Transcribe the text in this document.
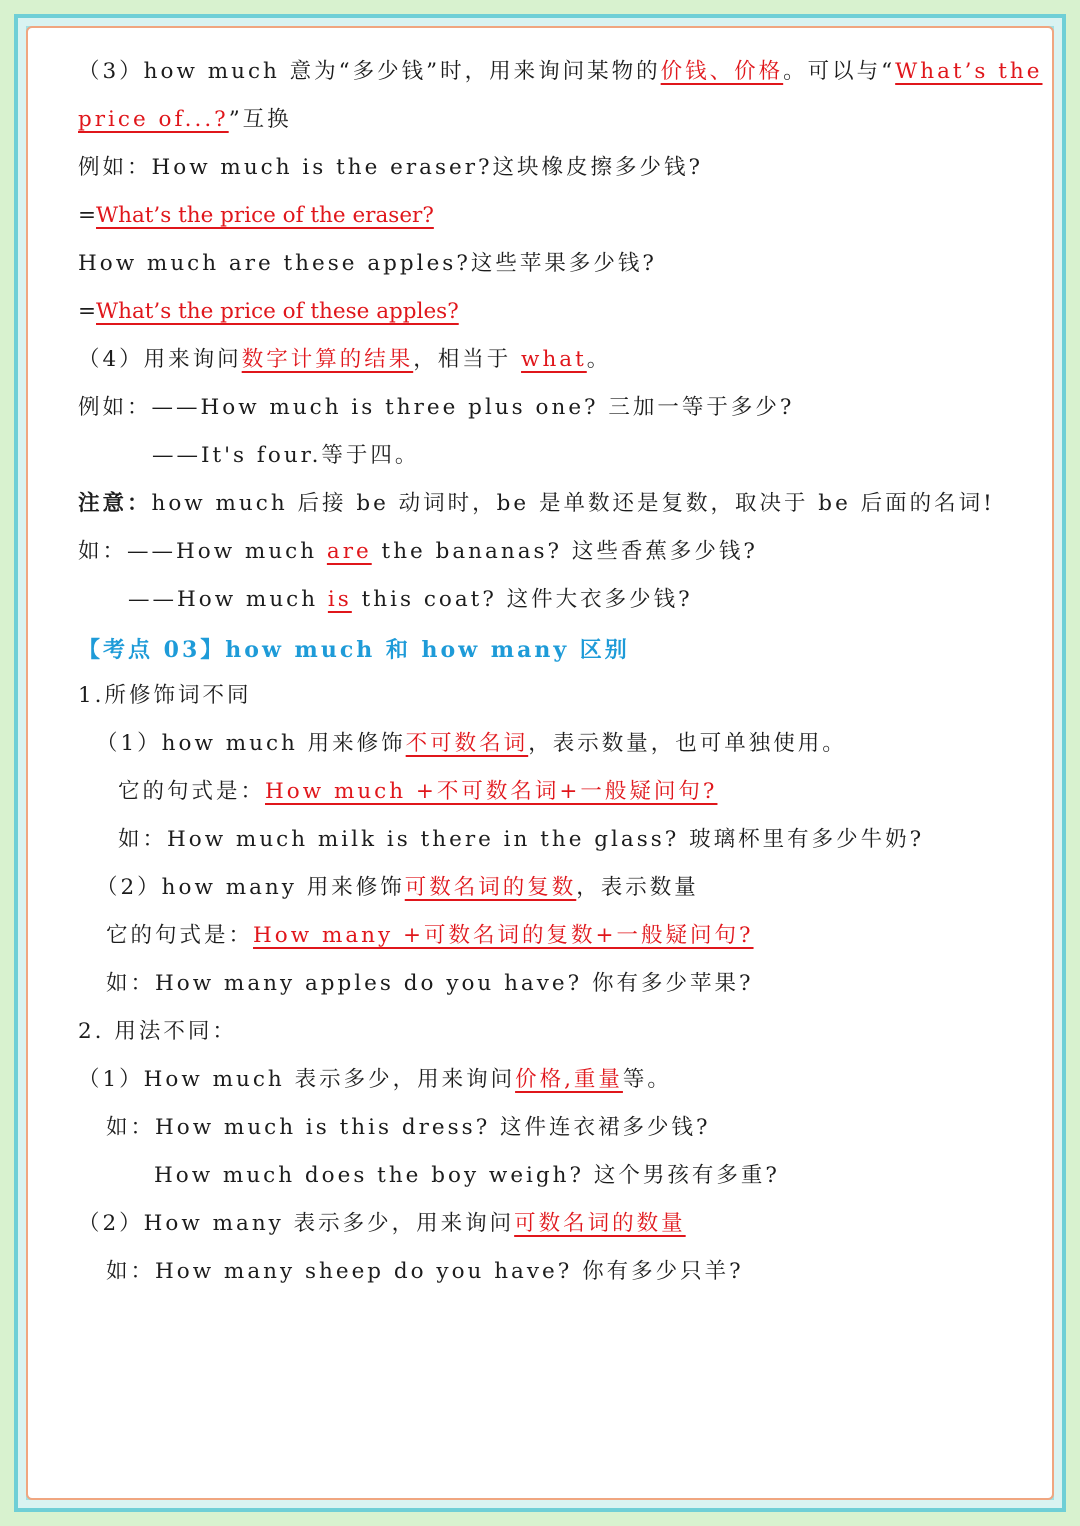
（3）how much 意为“多少钱”时，用来询问某物的价钱、价格。可以与“What’s the
price of...?”互换
例如：How much is the eraser?这块橡皮擦多少钱?
=What’s the price of the eraser?
How much are these apples?这些苹果多少钱?
=What’s the price of these apples?
（4）用来询问数字计算的结果，相当于 what。
例如：——How much is three plus one? 三加一等于多少?
——It's four.等于四。
注意：how much 后接 be 动词时，be 是单数还是复数，取决于 be 后面的名词!
如：——How much are the bananas? 这些香蕉多少钱?
——How much is this coat? 这件大衣多少钱?
【考点 03】how much 和 how many 区别
1.所修饰词不同
（1）how much 用来修饰不可数名词，表示数量，也可单独使用。
它的句式是：How much +不可数名词+一般疑问句?
如：How much milk is there in the glass? 玻璃杯里有多少牛奶?
（2）how many 用来修饰可数名词的复数，表示数量
它的句式是：How many +可数名词的复数+一般疑问句?
如：How many apples do you have? 你有多少苹果?
2. 用法不同：
（1）How much 表示多少，用来询问价格,重量等。
如：How much is this dress? 这件连衣裙多少钱?
How much does the boy weigh? 这个男孩有多重?
（2）How many 表示多少，用来询问可数名词的数量
如：How many sheep do you have? 你有多少只羊?
